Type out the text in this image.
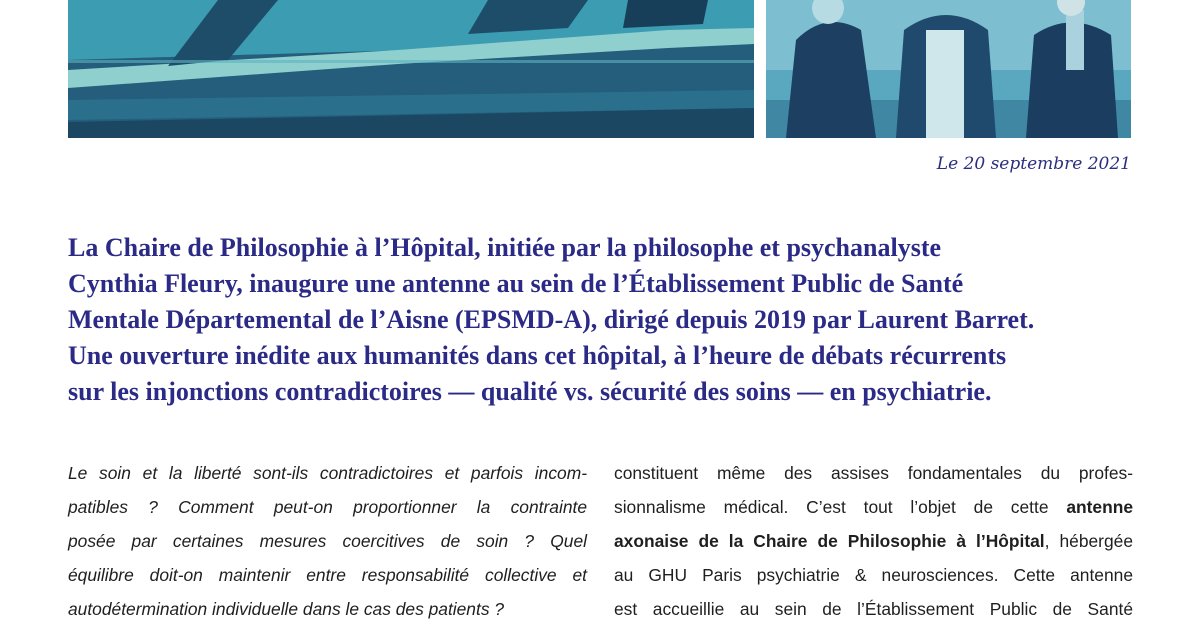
Le 20 septembre 2021

La Chaire de Philosophie à l’Hôpital, initiée par la philosophe et psychanalyste
Cynthia Fleury, inaugure une antenne au sein de l’Établissement Public de Santé
Mentale Départemental de l’Aisne (EPSMD-A), dirigé depuis 2019 par Laurent Barret.
Une ouverture inédite aux humanités dans cet hôpital, à l’heure de débats récurrents
sur les injonctions contradictoires — qualité vs. sécurité des soins — en psychiatrie.

Le soin et la liberté sont-ils contradictoires et parfois incom-
patibles ? Comment peut-on proportionner la contrainte
posée par certaines mesures coercitives de soin ? Quel
équilibre doit-on maintenir entre responsabilité collective et
autodétermination individuelle dans le cas des patients ?

constituent même des assises fondamentales du profes-
sionnalisme médical. C’est tout l’objet de cette antenne
axonaise de la Chaire de Philosophie à l’Hôpital, hébergée
au GHU Paris psychiatrie & neurosciences. Cette antenne
est accueillie au sein de l’Établissement Public de Santé
